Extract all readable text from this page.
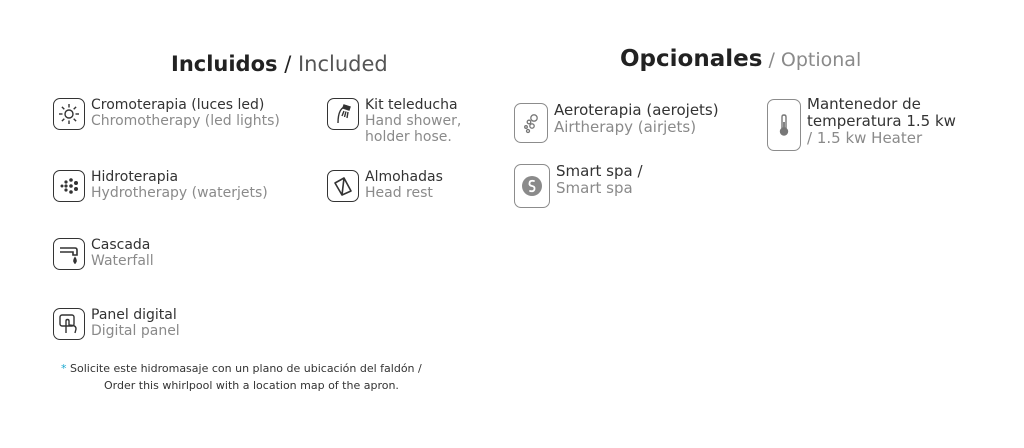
Incluidos / Included	Opcionales / Optional
Cromoterapia (luces led)
Chromotherapy (led lights)
Kit teleducha
Hand shower,
holder hose.
Hidroterapia
Hydrotherapy (waterjets)
Almohadas
Head rest
Cascada
Waterfall
Panel digital
Digital panel
Aeroterapia (aerojets)
Airtherapy (airjets)
Mantenedor de
temperatura 1.5 kw
/ 1.5 kw Heater
Smart spa /
Smart spa
* Solicite este hidromasaje con un plano de ubicación del faldón /
Order this whirlpool with a location map of the apron.
